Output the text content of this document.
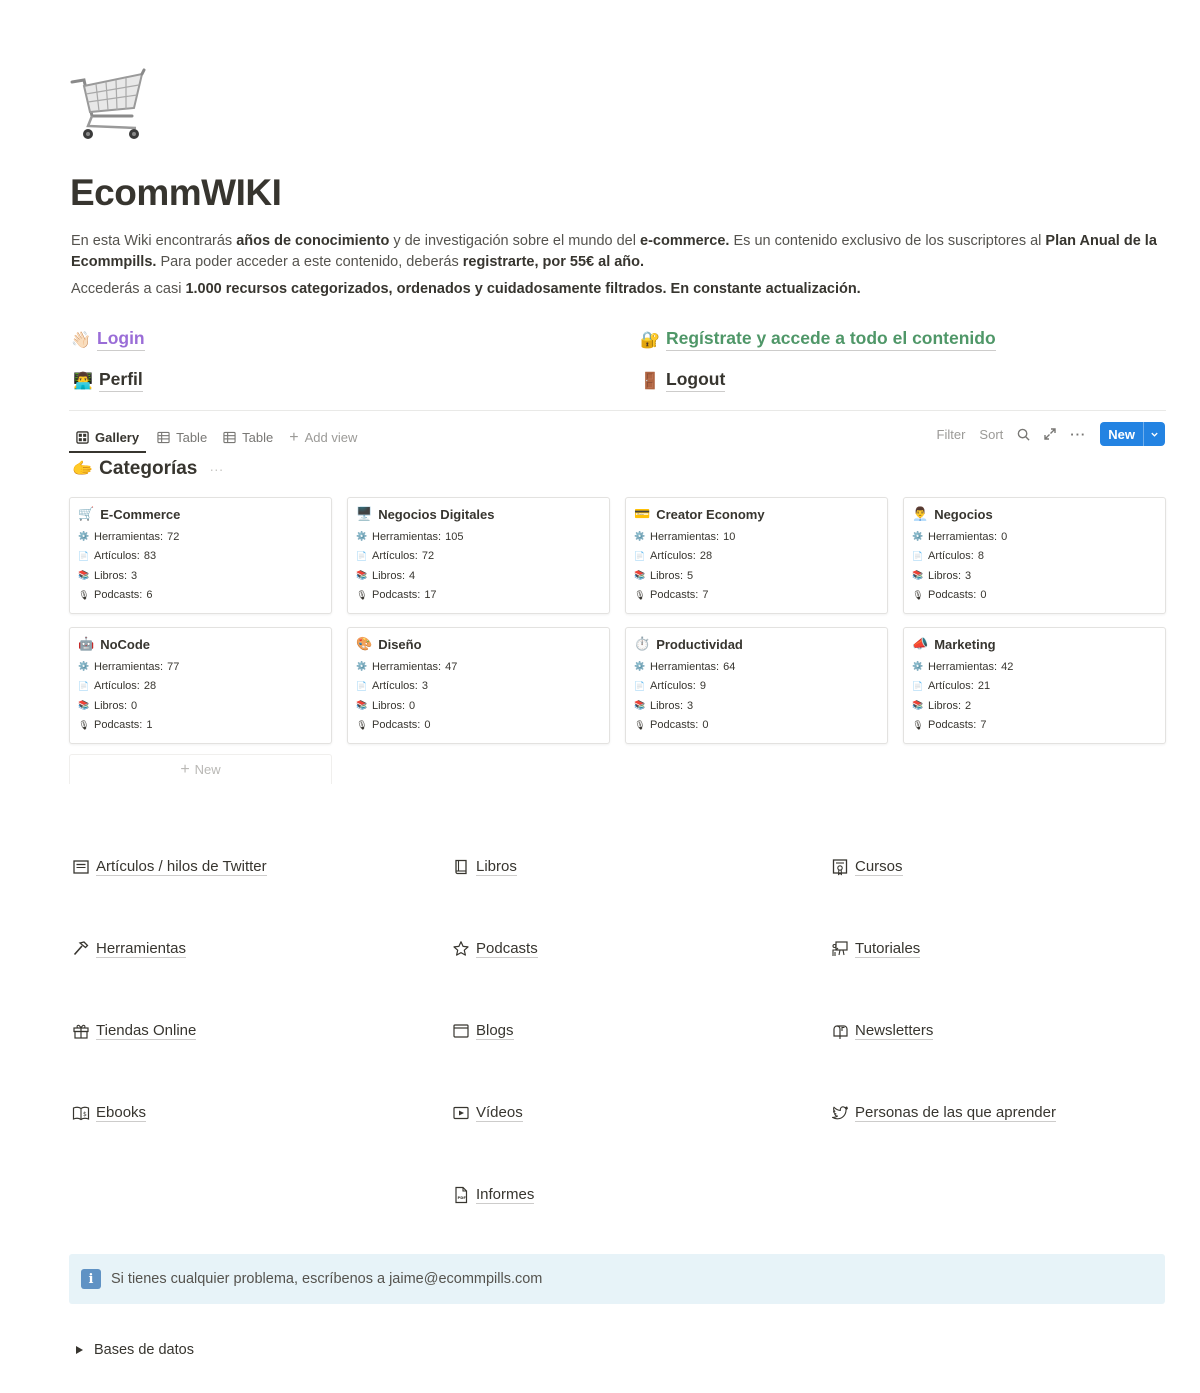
EcommWIKI

En esta Wiki encontrarás años de conocimiento y de investigación sobre el mundo del e-commerce. Es un contenido exclusivo de los suscriptores al Plan Anual de la Ecommpills. Para poder acceder a este contenido, deberás registrarte, por 55€ al año.

Accederás a casi 1.000 recursos categorizados, ordenados y cuidadosamente filtrados. En constante actualización.

👋🏻 Login	🔐 Regístrate y accede a todo el contenido
👨‍💻 Perfil	🚪 Logout
Gallery	Table	Table + Add view	Filter Sort	···	New
🫱 Categorías ···
🛒 E-Commerce
⚙️ Herramientas: 72
📄 Artículos: 83
📚 Libros: 3
🎙 Podcasts: 6
🖥️ Negocios Digitales
⚙️ Herramientas: 105
📄 Artículos: 72
📚 Libros: 4
🎙 Podcasts: 17
💳 Creator Economy
⚙️ Herramientas: 10
📄 Artículos: 28
📚 Libros: 5
🎙 Podcasts: 7
👨‍💼 Negocios
⚙️ Herramientas: 0
📄 Artículos: 8
📚 Libros: 3
🎙 Podcasts: 0
🤖 NoCode
⚙️ Herramientas: 77
📄 Artículos: 28
📚 Libros: 0
🎙 Podcasts: 1
🎨 Diseño
⚙️ Herramientas: 47
📄 Artículos: 3
📚 Libros: 0
🎙 Podcasts: 0
⏱️ Productividad
⚙️ Herramientas: 64
📄 Artículos: 9
📚 Libros: 3
🎙 Podcasts: 0
📣 Marketing
⚙️ Herramientas: 42
📄 Artículos: 21
📚 Libros: 2
🎙 Podcasts: 7
+ New
Artículos / hilos de Twitter	Libros	Cursos
Herramientas	Podcasts	Tutoriales
Tiendas Online	Blogs	Newsletters
$ Ebooks	Vídeos	Personas de las que aprender
PDF Informes
i	Si tienes cualquier problema, escríbenos a jaime@ecommpills.com
Bases de datos
